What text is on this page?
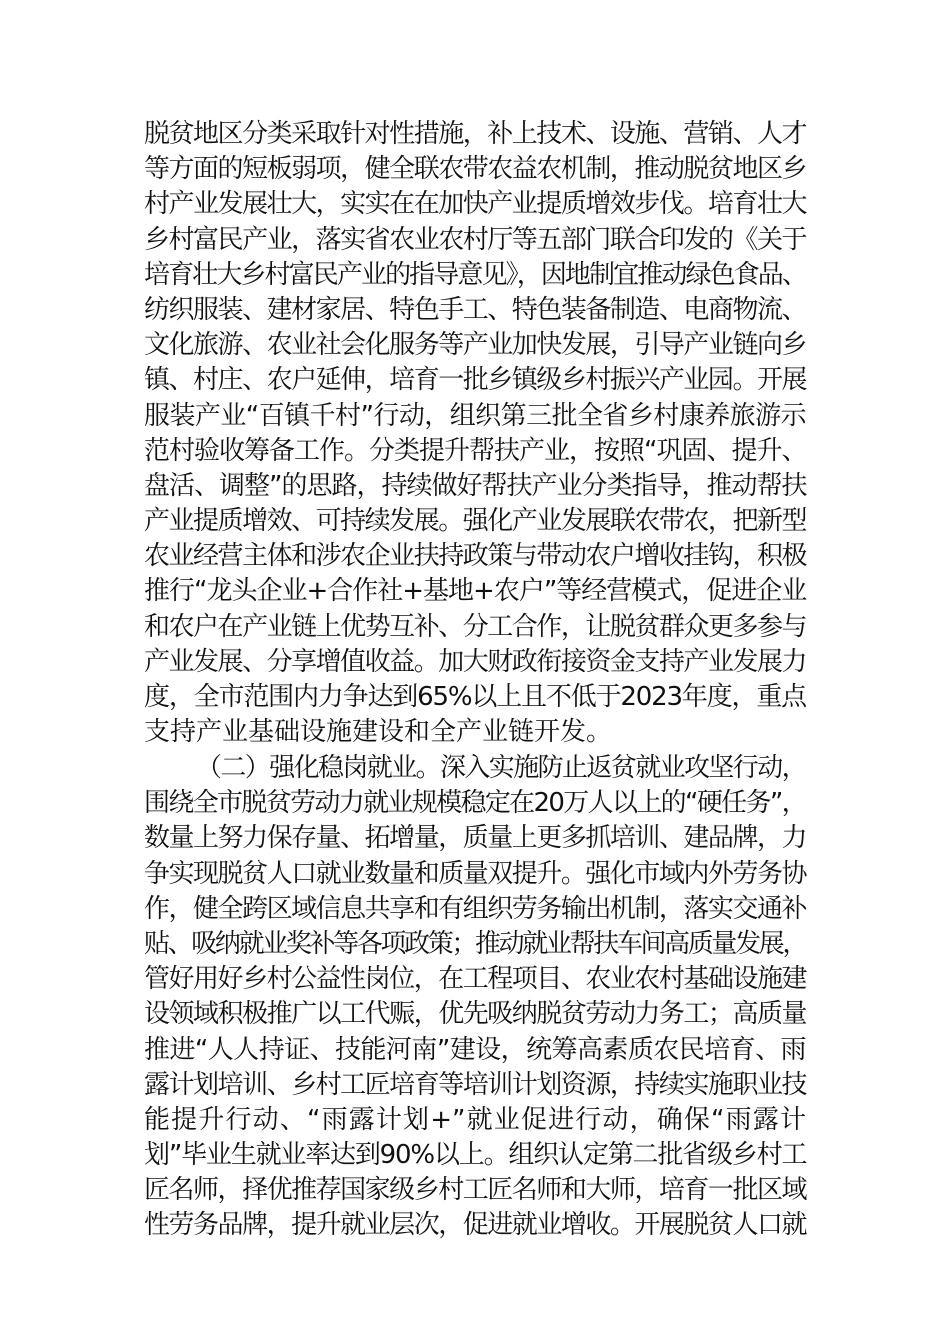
脱贫地区分类采取针对性措施，补上技术、设施、营销、人才
等方面的短板弱项，健全联农带农益农机制，推动脱贫地区乡
村产业发展壮大，实实在在加快产业提质增效步伐。培育壮大
乡村富民产业，落实省农业农村厅等五部门联合印发的《关于
培育壮大乡村富民产业的指导意见》，因地制宜推动绿色食品、
纺织服装、建材家居、特色手工、特色装备制造、电商物流、
文化旅游、农业社会化服务等产业加快发展，引导产业链向乡
镇、村庄、农户延伸，培育一批乡镇级乡村振兴产业园。开展
服装产业“百镇千村”行动，组织第三批全省乡村康养旅游示
范村验收筹备工作。分类提升帮扶产业，按照“巩固、提升、
盘活、调整”的思路，持续做好帮扶产业分类指导，推动帮扶
产业提质增效、可持续发展。强化产业发展联农带农，把新型
农业经营主体和涉农企业扶持政策与带动农户增收挂钩，积极
推行“龙头企业+合作社+基地+农户”等经营模式，促进企业
和农户在产业链上优势互补、分工合作，让脱贫群众更多参与
产业发展、分享增值收益。加大财政衔接资金支持产业发展力
度，全市范围内力争达到65%以上且不低于2023年度，重点
支持产业基础设施建设和全产业链开发。
（二）强化稳岗就业。深入实施防止返贫就业攻坚行动，
围绕全市脱贫劳动力就业规模稳定在20万人以上的“硬任务”，
数量上努力保存量、拓增量，质量上更多抓培训、建品牌，力
争实现脱贫人口就业数量和质量双提升。强化市域内外劳务协
作，健全跨区域信息共享和有组织劳务输出机制，落实交通补
贴、吸纳就业奖补等各项政策；推动就业帮扶车间高质量发展，
管好用好乡村公益性岗位，在工程项目、农业农村基础设施建
设领域积极推广以工代赈，优先吸纳脱贫劳动力务工；高质量
推进“人人持证、技能河南”建设，统筹高素质农民培育、雨
露计划培训、乡村工匠培育等培训计划资源，持续实施职业技
能提升行动、“雨露计划+”就业促进行动，确保“雨露计
划”毕业生就业率达到90%以上。组织认定第二批省级乡村工
匠名师，择优推荐国家级乡村工匠名师和大师，培育一批区域
性劳务品牌，提升就业层次，促进就业增收。开展脱贫人口就
